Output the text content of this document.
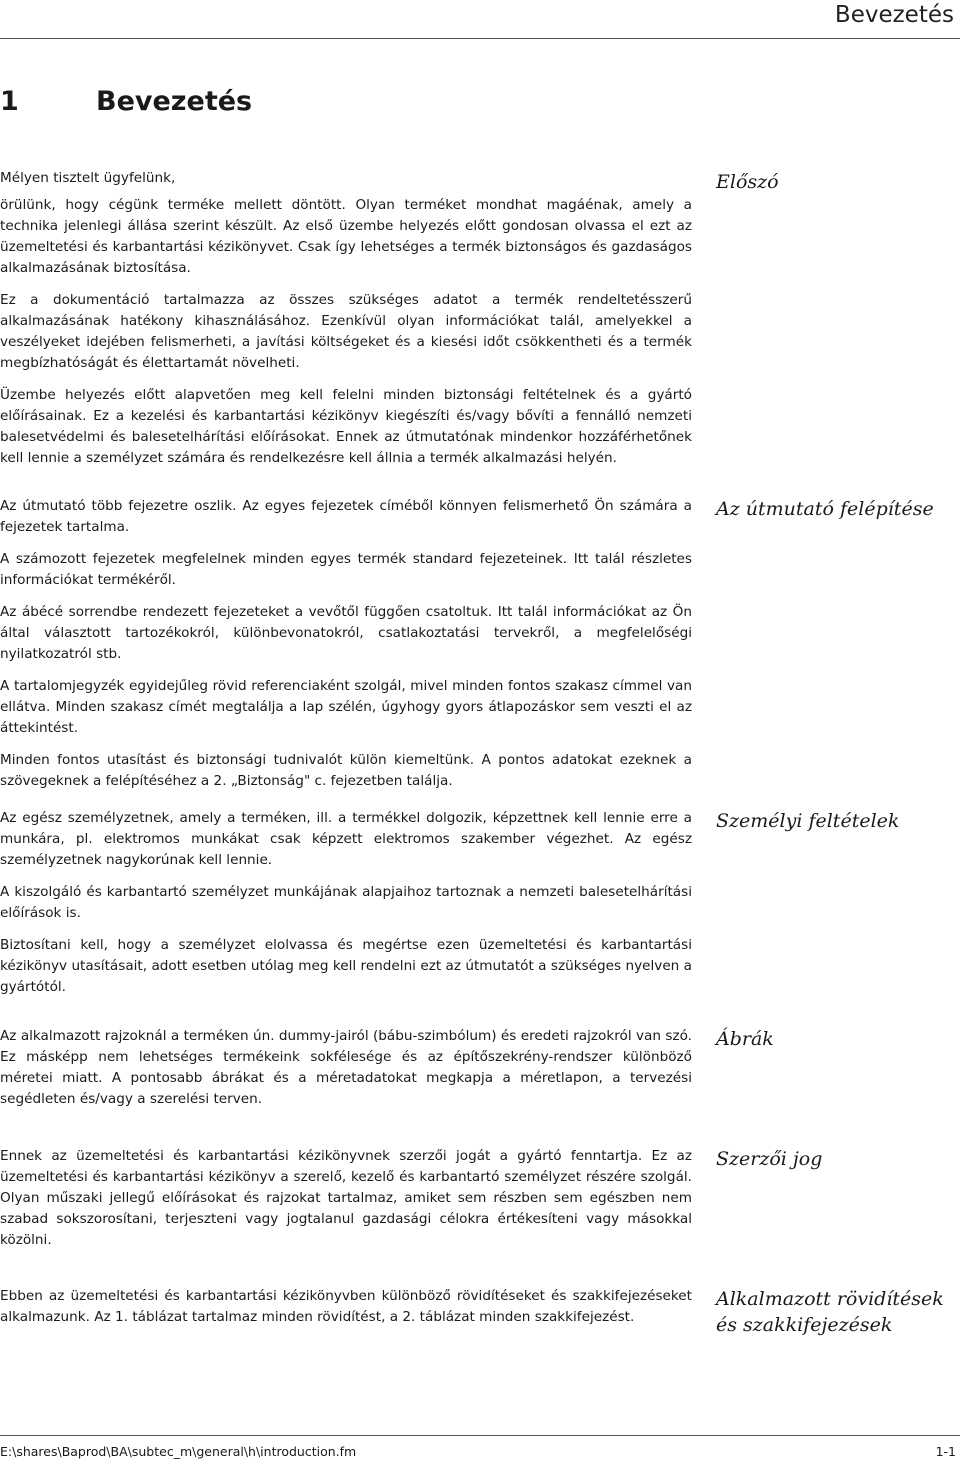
Bevezetés
1	Bevezetés

Mélyen tisztelt ügyfelünk,

örülünk, hogy cégünk terméke mellett döntött. Olyan terméket mondhat magáénak, amely a technika jelenlegi állása szerint készült. Az első üzembe helyezés előtt gondosan olvassa el ezt az üzemeltetési és karbantartási kézikönyvet. Csak így lehetséges a termék biztonságos és gazdaságos alkalmazásának biztosítása.

Ez a dokumentáció tartalmazza az összes szükséges adatot a termék rendeltetésszerű alkalmazásának hatékony kihasználásához. Ezenkívül olyan információkat talál, amelyekkel a veszélyeket idejében felismerheti, a javítási költségeket és a kiesési időt csökkentheti és a termék megbízhatóságát és élettartamát növelheti.

Üzembe helyezés előtt alapvetően meg kell felelni minden biztonsági feltételnek és a gyártó előírásainak. Ez a kezelési és karbantartási kézikönyv kiegészíti és/vagy bővíti a fennálló nemzeti balesetvédelmi és balesetelhárítási előírásokat. Ennek az útmutatónak mindenkor hozzáférhetőnek kell lennie a személyzet számára és rendelkezésre kell állnia a termék alkalmazási helyén.

Előszó

Az útmutató több fejezetre oszlik. Az egyes fejezetek címéből könnyen felismerhető Ön számára a fejezetek tartalma.

A számozott fejezetek megfelelnek minden egyes termék standard fejezeteinek. Itt talál részletes információkat termékéről.

Az ábécé sorrendbe rendezett fejezeteket a vevőtől függően csatoltuk. Itt talál információkat az Ön által választott tartozékokról, különbevonatokról, csatlakoztatási tervekről, a megfelelőségi nyilatkozatról stb.

A tartalomjegyzék egyidejűleg rövid referenciaként szolgál, mivel minden fontos szakasz címmel van ellátva. Minden szakasz címét megtalálja a lap szélén, úgyhogy gyors átlapozáskor sem veszti el az áttekintést.

Minden fontos utasítást és biztonsági tudnivalót külön kiemeltünk. A pontos adatokat ezeknek a szövegeknek a felépítéséhez a 2. „Biztonság" c. fejezetben találja.

Az útmutató felépítése

Az egész személyzetnek, amely a terméken, ill. a termékkel dolgozik, képzettnek kell lennie erre a munkára, pl. elektromos munkákat csak képzett elektromos szakember végezhet. Az egész személyzetnek nagykorúnak kell lennie.

A kiszolgáló és karbantartó személyzet munkájának alapjaihoz tartoznak a nemzeti balesetelhárítási előírások is.

Biztosítani kell, hogy a személyzet elolvassa és megértse ezen üzemeltetési és karbantartási kézikönyv utasításait, adott esetben utólag meg kell rendelni ezt az útmutatót a szükséges nyelven a gyártótól.

Személyi feltételek

Az alkalmazott rajzoknál a terméken ún. dummy-jairól (bábu-szimbólum) és eredeti rajzokról van szó. Ez másképp nem lehetséges termékeink sokfélesége és az építőszekrény-rendszer különböző méretei miatt. A pontosabb ábrákat és a méretadatokat megkapja a méretlapon, a tervezési segédleten és/vagy a szerelési terven.

Ábrák

Ennek az üzemeltetési és karbantartási kézikönyvnek szerzői jogát a gyártó fenntartja. Ez az üzemeltetési és karbantartási kézikönyv a szerelő, kezelő és karbantartó személyzet részére szolgál. Olyan műszaki jellegű előírásokat és rajzokat tartalmaz, amiket sem részben sem egészben nem szabad sokszorosítani, terjeszteni vagy jogtalanul gazdasági célokra értékesíteni vagy másokkal közölni.

Szerzői jog

Ebben az üzemeltetési és karbantartási kézikönyvben különböző rövidítéseket és szakkifejezéseket alkalmazunk. Az 1. táblázat tartalmaz minden rövidítést, a 2. táblázat minden szakkifejezést.

Alkalmazott rövidítések és szakkifejezések
E:\shares\Baprod\BA\subtec_m\general\h\introduction.fm	1-1
